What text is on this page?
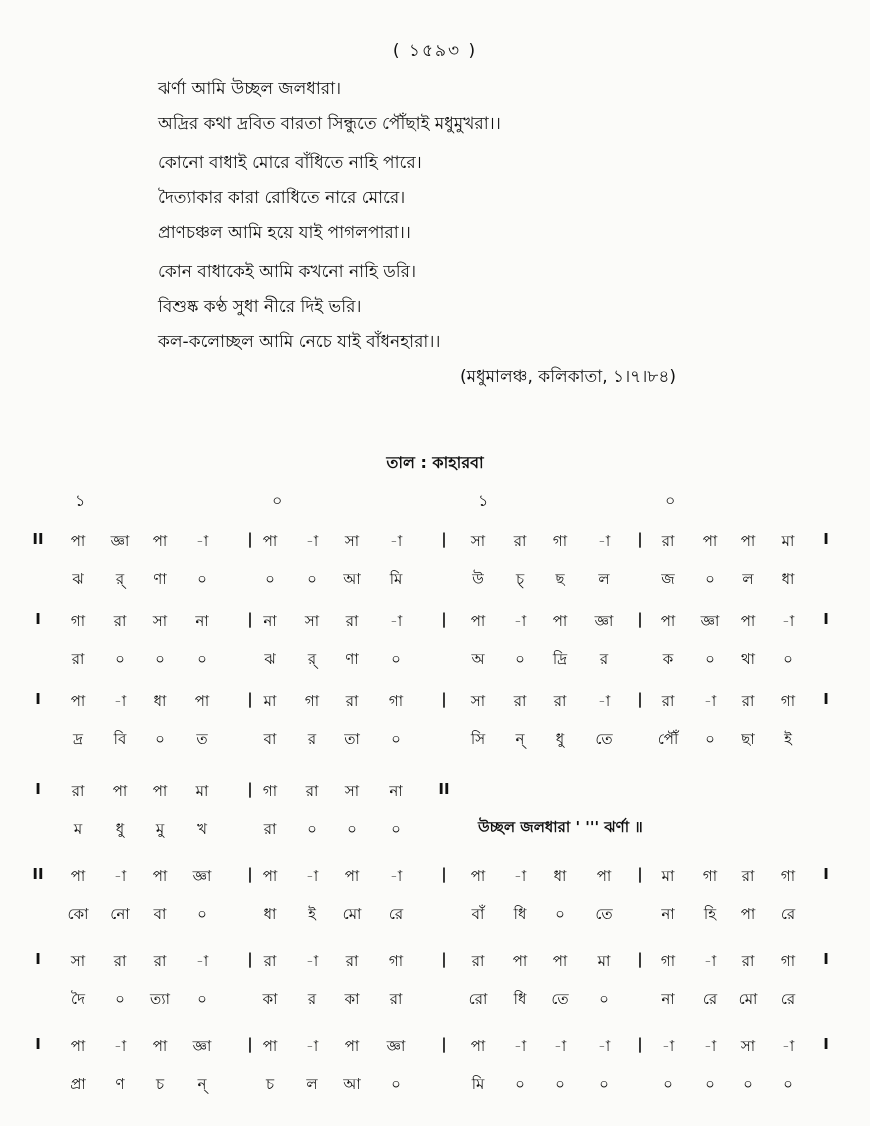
( ১৫৯৩ )
ঝর্ণা আমি উচ্ছল জলধারা।
অদ্রির কথা দ্রবিত বারতা সিন্ধুতে পৌঁছাই মধুমুখরা।।
কোনো বাধাই মোরে বাঁধিতে নাহি পারে।
দৈত্যাকার কারা রোধিতে নারে মোরে।
প্রাণচঞ্চল আমি হয়ে যাই পাগলপারা।।
কোন বাধাকেই আমি কখনো নাহি ডরি।
বিশুষ্ক কণ্ঠ সুধা নীরে দিই ভরি।
কল-কলোচ্ছল আমি নেচে যাই বাঁধনহারা।।
(মধুমালঞ্চ, কলিকাতা, ১।৭।৮৪)
তাল : কাহারবা
১	০	১	০
II পা জ্ঞা পা -া	পা -া সা -া	সা রা গা -া	রা পা পা মা
|	|	|	I
ঝ র্ ণা ০	০ ০ আ মি	উ চ্ ছ ল	জ ০ ল ধা
I গা রা সা না	না সা রা -া	পা -া পা জ্ঞা	পা জ্ঞা পা -া
|	|	|	I
রা ০ ০ ০	ঝ র্ ণা ০	অ ০ দ্রি র	ক ০ থা ০
I পা -া ধা পা	মা গা রা গা	সা রা রা -া	রা -া রা গা
|	|	|	I
দ্র বি ০ ত	বা র তা ০	সি ন্ ধু তে	পৌঁ ০ ছা ই
I রা পা পা মা	গা রা সা না
|	II
ম ধু মু খ	রা ০ ০ ০
II পা -া পা জ্ঞা	পা -া পা -া	পা -া ধা পা	মা গা রা গা
|	|	|	I
কো নো বা ০	ধা ই মো রে	বাঁ ধি ০ তে	না হি পা রে
I সা রা রা -া	রা -া রা গা	রা পা পা মা	গা -া রা গা
|	|	|	I
দৈ ০ ত্যা ০	কা র কা রা	রো ধি তে ০	না রে মো রে
I পা -া পা জ্ঞা	পা -া পা জ্ঞা	পা -া -া -া	-া -া সা -া
|	|	|	I
প্রা ণ চ ন্	চ ল আ ০	মি ০ ০ ০	০ ০ ০ ০
উচ্ছল জলধারা ' ''' ঝর্ণা ॥
